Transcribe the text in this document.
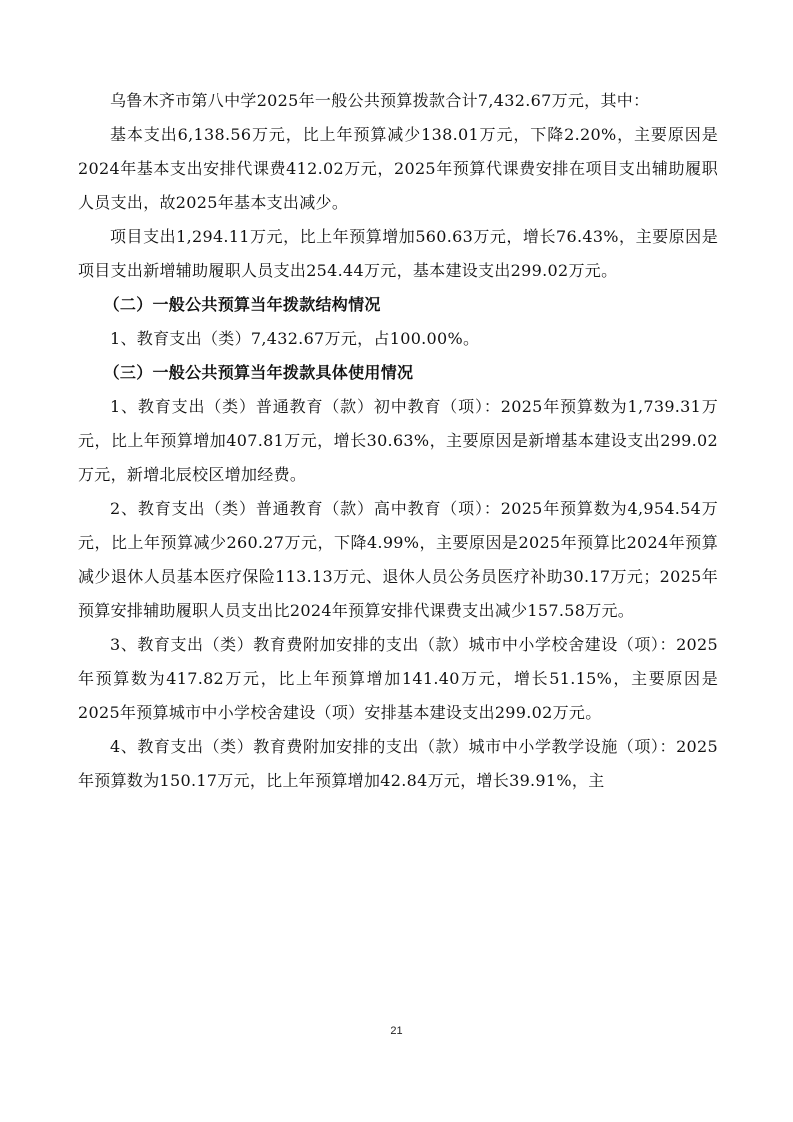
乌鲁木齐市第八中学2025年一般公共预算拨款合计7,432.67万元，其中：

基本支出6,138.56万元，比上年预算减少138.01万元，下降2.20%，主要原因是2024年基本支出安排代课费412.02万元，2025年预算代课费安排在项目支出辅助履职人员支出，故2025年基本支出减少。

项目支出1,294.11万元，比上年预算增加560.63万元，增长76.43%，主要原因是项目支出新增辅助履职人员支出254.44万元，基本建设支出299.02万元。

（二）一般公共预算当年拨款结构情况

1、教育支出（类）7,432.67万元，占100.00%。

（三）一般公共预算当年拨款具体使用情况

1、教育支出（类）普通教育（款）初中教育（项）：2025年预算数为1,739.31万元，比上年预算增加407.81万元，增长30.63%，主要原因是新增基本建设支出299.02万元，新增北辰校区增加经费。

2、教育支出（类）普通教育（款）高中教育（项）：2025年预算数为4,954.54万元，比上年预算减少260.27万元，下降4.99%，主要原因是2025年预算比2024年预算减少退休人员基本医疗保险113.13万元、退休人员公务员医疗补助30.17万元；2025年预算安排辅助履职人员支出比2024年预算安排代课费支出减少157.58万元。

3、教育支出（类）教育费附加安排的支出（款）城市中小学校舍建设（项）：2025年预算数为417.82万元，比上年预算增加141.40万元，增长51.15%，主要原因是2025年预算城市中小学校舍建设（项）安排基本建设支出299.02万元。

4、教育支出（类）教育费附加安排的支出（款）城市中小学教学设施（项）：2025年预算数为150.17万元，比上年预算增加42.84万元，增长39.91%，主

21
